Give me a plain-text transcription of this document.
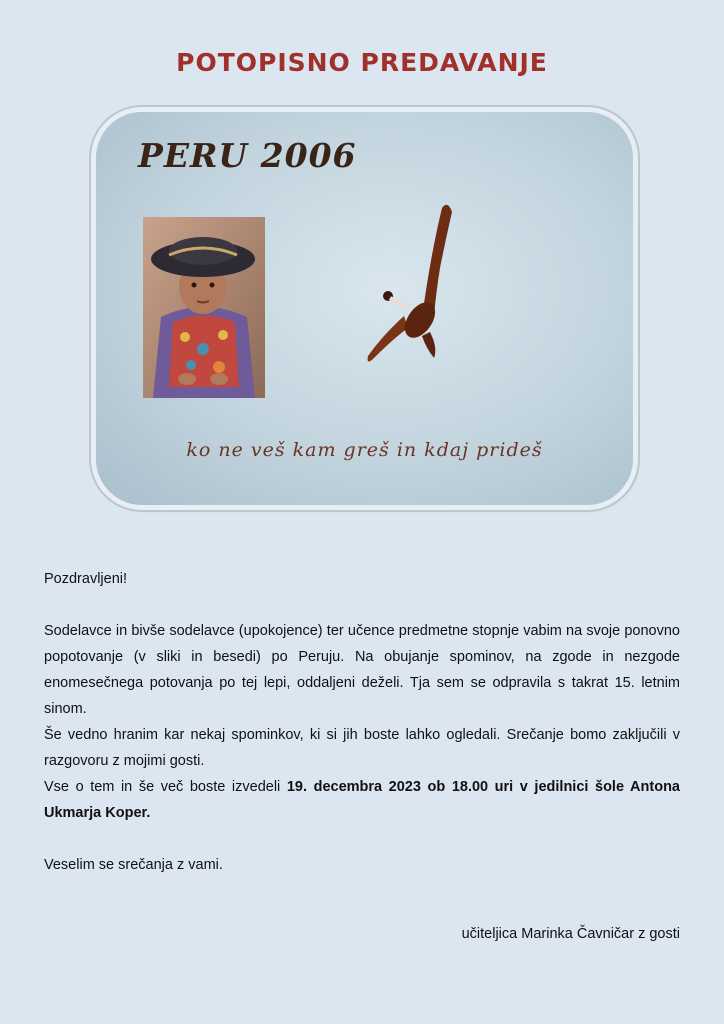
POTOPISNO PREDAVANJE
PERU 2006
ko ne veš kam greš in kdaj prideš

Pozdravljeni!

Sodelavce in bivše sodelavce (upokojence) ter učence predmetne stopnje vabim na svoje ponovno popotovanje (v sliki in besedi) po Peruju. Na obujanje spominov, na zgode in nezgode enomesečnega potovanja po tej lepi, oddaljeni deželi. Tja sem se odpravila s takrat 15. letnim sinom.

Še vedno hranim kar nekaj spominkov, ki si jih boste lahko ogledali. Srečanje bomo zaključili v razgovoru z mojimi gosti.

Vse o tem in še več boste izvedeli 19. decembra 2023 ob 18.00 uri v jedilnici šole Antona Ukmarja Koper.

Veselim se srečanja z vami.

učiteljica Marinka Čavničar z gosti
